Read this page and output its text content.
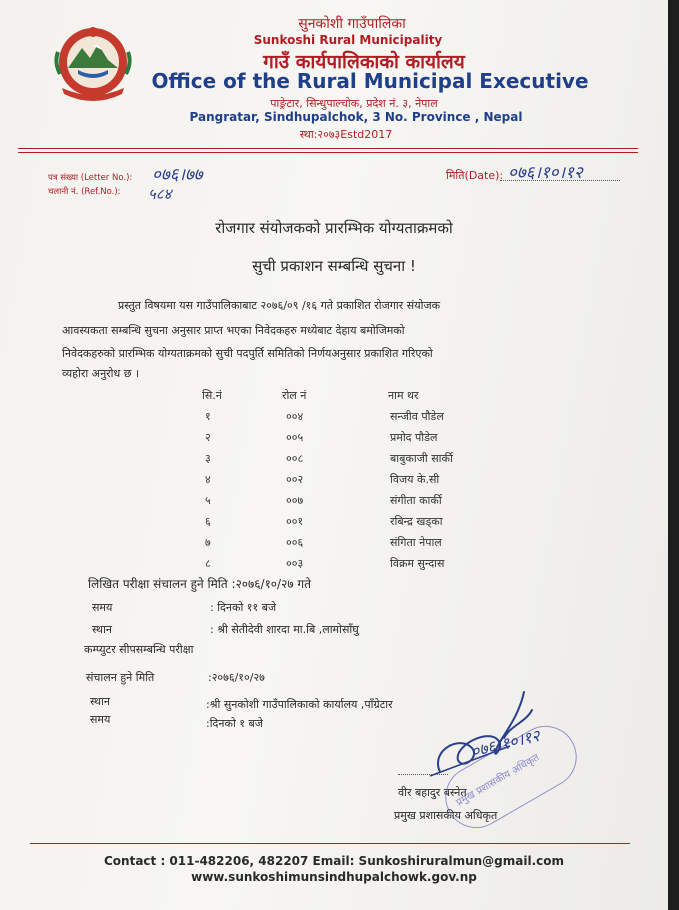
सुनकोशी गाउँपालिका

Sunkoshi Rural Municipality

गाउँ कार्यपालिकाको कार्यालय

Office of the Rural Municipal Executive

पाङ्रेटार, सिन्धुपाल्चोक, प्रदेश नं. ३, नेपाल

Pangratar, Sindhupalchok, 3 No. Province , Nepal

स्था:२०७३Estd2017

पत्र संख्या (Letter No.): ०७६।७७
चलानी नं. (Ref.No.): ५८४
मिति(Date): ०७६।१०।१२

रोजगार संयोजकको प्रारम्भिक योग्यताक्रमको

सुची प्रकाशन सम्बन्धि सुचना !

प्रस्तुत विषयमा यस गाउँपालिकाबाट २०७६/०९ /१६ गते प्रकाशित रोजगार संयोजक

आवस्यकता सम्बन्धि सुचना अनुसार प्राप्त भएका निवेदकहरु मध्येबाट देहाय बमोजिमको

निवेदकहरुको प्रारम्भिक योग्यताक्रमको सुची पदपुर्ति समितिको निर्णयअनुसार प्रकाशित गरिएको

व्यहोरा अनुरोध छ ।

सि.नं	रोल नं	नाम थर
१	००४	सन्जीव पौडेल
२	००५	प्रमोद पौडेल
३	००८	बाबुकाजी सार्की
४	००२	विजय के.सी
५	००७	संगीता कार्की
६	००१	रबिन्द्र खड्का
७	००६	संगिता नेपाल
८	००३	विक्रम सुन्दास

लिखित परीक्षा संचालन हुने मिति :२०७६/१०/२७ गते

समय	: दिनको ११ बजे

स्थान	: श्री सेतीदेवी शारदा मा.बि ,लामोसाँघु

कम्प्युटर सीपसम्बन्धि परीक्षा

संचालन हुने मिति	:२०७६/१०/२७

स्थान	:श्री सुनकोशी गाउँपालिकाको कार्यालय ,पाँग्रेटार

समय	:दिनको १ बजे

०७६।१०।१२

वीर बहादुर बस्नेत

प्रमुख प्रशासकीय अधिकृत

प्रमुख प्रशासकीय अधिकृत

Contact : 011-482206, 482207 Email: Sunkoshiruralmun@gmail.com

www.sunkoshimunsindhupalchowk.gov.np
